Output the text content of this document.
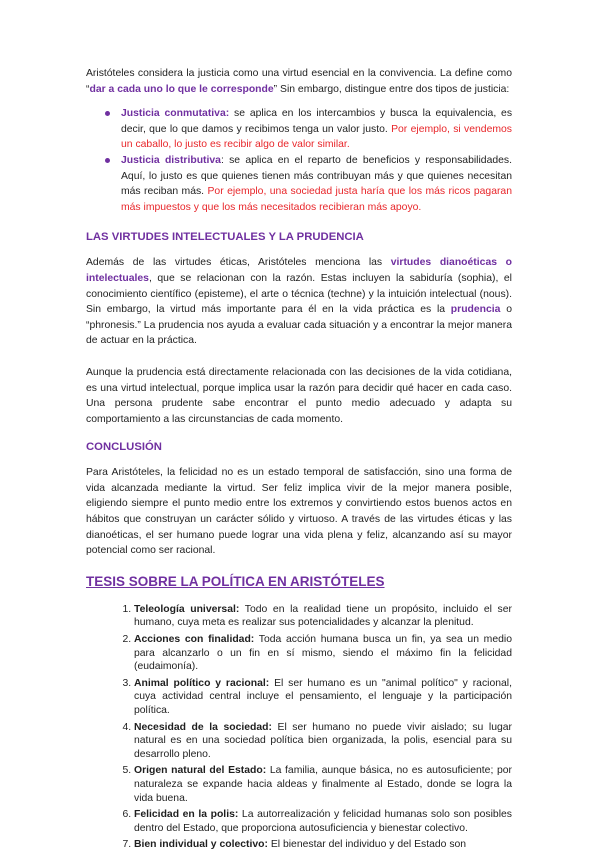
Aristóteles considera la justicia como una virtud esencial en la convivencia. La define como “dar a cada uno lo que le corresponde” Sin embargo, distingue entre dos tipos de justicia:

Justicia conmutativa: se aplica en los intercambios y busca la equivalencia, es decir, que lo que damos y recibimos tenga un valor justo. Por ejemplo, si vendemos un caballo, lo justo es recibir algo de valor similar.
Justicia distributiva: se aplica en el reparto de beneficios y responsabilidades. Aquí, lo justo es que quienes tienen más contribuyan más y que quienes necesitan más reciban más. Por ejemplo, una sociedad justa haría que los más ricos pagaran más impuestos y que los más necesitados recibieran más apoyo.
LAS VIRTUDES INTELECTUALES Y LA PRUDENCIA

Además de las virtudes éticas, Aristóteles menciona las virtudes dianoéticas o intelectuales, que se relacionan con la razón. Estas incluyen la sabiduría (sophia), el conocimiento científico (episteme), el arte o técnica (techne) y la intuición intelectual (nous). Sin embargo, la virtud más importante para él en la vida práctica es la prudencia o “phronesis.” La prudencia nos ayuda a evaluar cada situación y a encontrar la mejor manera de actuar en la práctica.

Aunque la prudencia está directamente relacionada con las decisiones de la vida cotidiana, es una virtud intelectual, porque implica usar la razón para decidir qué hacer en cada caso. Una persona prudente sabe encontrar el punto medio adecuado y adapta su comportamiento a las circunstancias de cada momento.

CONCLUSIÓN

Para Aristóteles, la felicidad no es un estado temporal de satisfacción, sino una forma de vida alcanzada mediante la virtud. Ser feliz implica vivir de la mejor manera posible, eligiendo siempre el punto medio entre los extremos y convirtiendo estos buenos actos en hábitos que construyan un carácter sólido y virtuoso. A través de las virtudes éticas y las dianoéticas, el ser humano puede lograr una vida plena y feliz, alcanzando así su mayor potencial como ser racional.

TESIS SOBRE LA POLÍTICA EN ARISTÓTELES
1. Teleología universal: Todo en la realidad tiene un propósito, incluido el ser humano, cuya meta es realizar sus potencialidades y alcanzar la plenitud.
2. Acciones con finalidad: Toda acción humana busca un fin, ya sea un medio para alcanzarlo o un fin en sí mismo, siendo el máximo fin la felicidad (eudaimonía).
3. Animal político y racional: El ser humano es un "animal político" y racional, cuya actividad central incluye el pensamiento, el lenguaje y la participación política.
4. Necesidad de la sociedad: El ser humano no puede vivir aislado; su lugar natural es en una sociedad política bien organizada, la polis, esencial para su desarrollo pleno.
5. Origen natural del Estado: La familia, aunque básica, no es autosuficiente; por naturaleza se expande hacia aldeas y finalmente al Estado, donde se logra la vida buena.
6. Felicidad en la polis: La autorrealización y felicidad humanas solo son posibles dentro del Estado, que proporciona autosuficiencia y bienestar colectivo.
7. Bien individual y colectivo: El bienestar del individuo y del Estado son
